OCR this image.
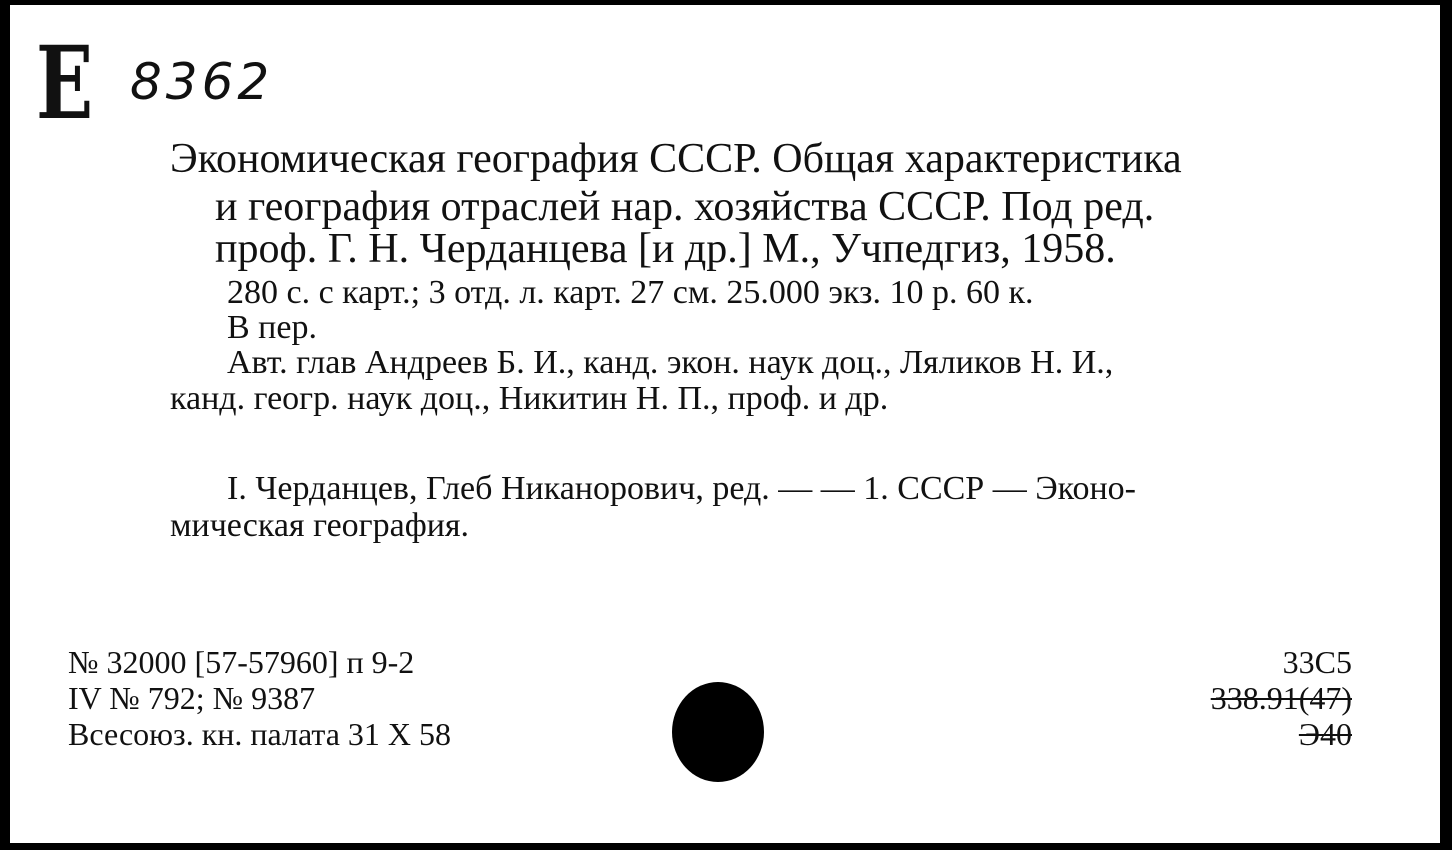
Е 8362
Экономическая география СССР. Общая характеристика
и география отраслей нар. хозяйства СССР. Под ред.
проф. Г. Н. Черданцева [и др.] М., Учпедгиз, 1958.
280 с. с карт.; 3 отд. л. карт. 27 см. 25.000 экз. 10 р. 60 к.
В пер.
Авт. глав Андреев Б. И., канд. экон. наук доц., Ляликов Н. И.,
канд. геогр. наук доц., Никитин Н. П., проф. и др.
I. Черданцев, Глеб Никанорович, ред. — — 1. СССР — Эконо-
мическая география.
№ 32000 [57-57960] п 9-2
IV № 792; № 9387
Всесоюз. кн. палата 31 Х 58
33С5
338.91(47)
Э40
